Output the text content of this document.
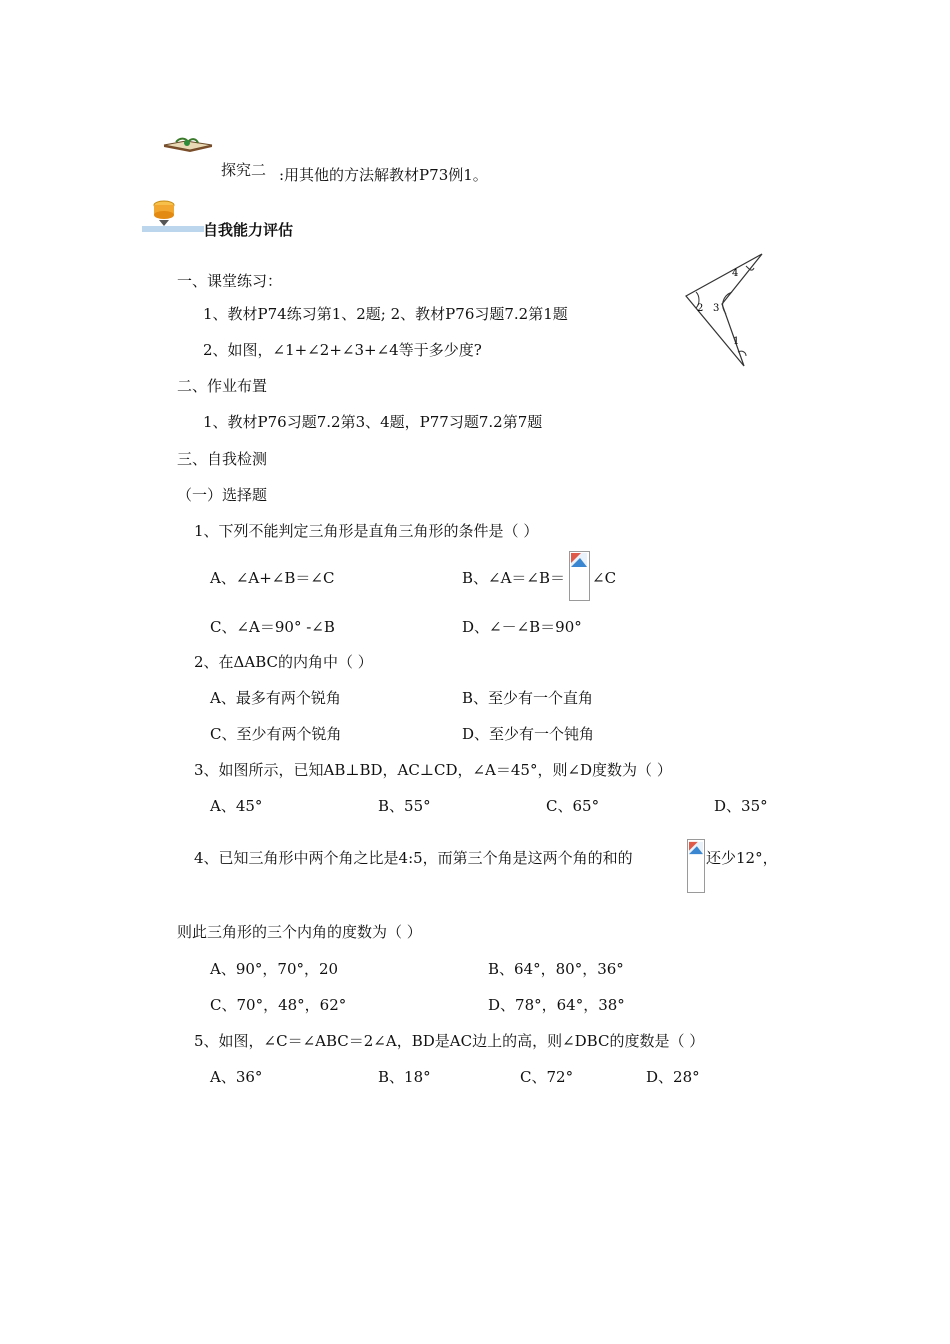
探究二 :用其他的方法解教材P73例1。
自我能力评估
一、课堂练习：
1、教材P74练习第1、2题; 2、教材P76习题7.2第1题
2、如图，∠1+∠2+∠3+∠4等于多少度?	1
2 3
4
二、作业布置
1、教材P76习题7.2第3、4题，P77习题7.2第7题
三、自我检测
（一）选择题
1、下列不能判定三角形是直角三角形的条件是（ ）
A、∠A+∠B＝∠C	B、∠A＝∠B＝ ∠C
C、∠A＝90° -∠B	D、∠－∠B＝90°
2、在ΔABC的内角中（ ）
A、最多有两个锐角	B、至少有一个直角
C、至少有两个锐角	D、至少有一个钝角
3、如图所示，已知AB⊥BD，AC⊥CD，∠A＝45°，则∠D度数为（ ）
A、45°	B、55°	C、65°	D、35°
4、已知三角形中两个角之比是4:5，而第三个角是这两个角的和的	还少12°，
则此三角形的三个内角的度数为（ ）
A、90°，70°，20	B、64°，80°，36°
C、70°，48°，62°	D、78°，64°，38°
5、如图，∠C＝∠ABC＝2∠A，BD是AC边上的高，则∠DBC的度数是（ ）
A、36°	B、18°	C、72°	D、28°
